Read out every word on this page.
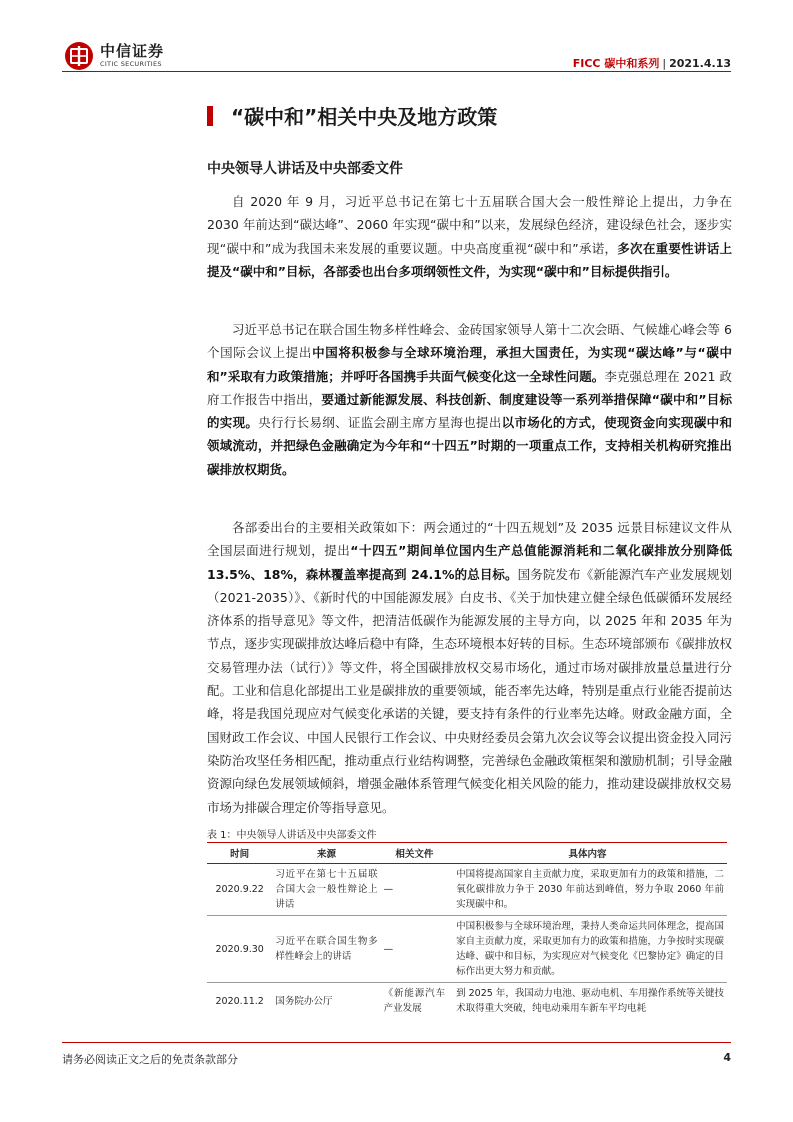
中信证券
CITIC SECURITIES	FICC 碳中和系列 | 2021.4.13
“碳中和”相关中央及地方政策
中央领导人讲话及中央部委文件

自 2020 年 9 月，习近平总书记在第七十五届联合国大会一般性辩论上提出，力争在 2030 年前达到“碳达峰”、2060 年实现“碳中和”以来，发展绿色经济，建设绿色社会，逐步实现“碳中和”成为我国未来发展的重要议题。中央高度重视“碳中和”承诺，多次在重要性讲话上提及“碳中和”目标，各部委也出台多项纲领性文件，为实现“碳中和”目标提供指引。

习近平总书记在联合国生物多样性峰会、金砖国家领导人第十二次会晤、气候雄心峰会等 6 个国际会议上提出中国将积极参与全球环境治理，承担大国责任，为实现“碳达峰”与“碳中和”采取有力政策措施；并呼吁各国携手共面气候变化这一全球性问题。李克强总理在 2021 政府工作报告中指出，要通过新能源发展、科技创新、制度建设等一系列举措保障“碳中和”目标的实现。央行行长易纲、证监会副主席方星海也提出以市场化的方式，使现资金向实现碳中和领域流动，并把绿色金融确定为今年和“十四五”时期的一项重点工作，支持相关机构研究推出碳排放权期货。

各部委出台的主要相关政策如下：两会通过的“十四五规划”及 2035 远景目标建议文件从全国层面进行规划，提出“十四五”期间单位国内生产总值能源消耗和二氧化碳排放分别降低 13.5%、18%，森林覆盖率提高到 24.1%的总目标。国务院发布《新能源汽车产业发展规划（2021-2035）》、《新时代的中国能源发展》白皮书、《关于加快建立健全绿色低碳循环发展经济体系的指导意见》等文件，把清洁低碳作为能源发展的主导方向，以 2025 年和 2035 年为节点，逐步实现碳排放达峰后稳中有降，生态环境根本好转的目标。生态环境部颁布《碳排放权交易管理办法（试行）》等文件，将全国碳排放权交易市场化，通过市场对碳排放量总量进行分配。工业和信息化部提出工业是碳排放的重要领域，能否率先达峰，特别是重点行业能否提前达峰，将是我国兑现应对气候变化承诺的关键，要支持有条件的行业率先达峰。财政金融方面，全国财政工作会议、中国人民银行工作会议、中央财经委员会第九次会议等会议提出资金投入同污染防治攻坚任务相匹配，推动重点行业结构调整，完善绿色金融政策框架和激励机制；引导金融资源向绿色发展领域倾斜，增强金融体系管理气候变化相关风险的能力，推动建设碳排放权交易市场为排碳合理定价等指导意见。

表 1：中央领导人讲话及中央部委文件
时间	来源	相关文件	具体内容
2020.9.22	习近平在第七十五届联合国大会一般性辩论上讲话	—	中国将提高国家自主贡献力度，采取更加有力的政策和措施，二氧化碳排放力争于 2030 年前达到峰值，努力争取 2060 年前实现碳中和。
2020.9.30	习近平在联合国生物多样性峰会上的讲话	—	中国积极参与全球环境治理，秉持人类命运共同体理念，提高国家自主贡献力度，采取更加有力的政策和措施，力争按时实现碳达峰、碳中和目标，为实现应对气候变化《巴黎协定》确定的目标作出更大努力和贡献。
2020.11.2	国务院办公厅	《新能源汽车产业发展	到 2025 年，我国动力电池、驱动电机、车用操作系统等关键技术取得重大突破，纯电动乘用车新车平均电耗
请务必阅读正文之后的免责条款部分	4
